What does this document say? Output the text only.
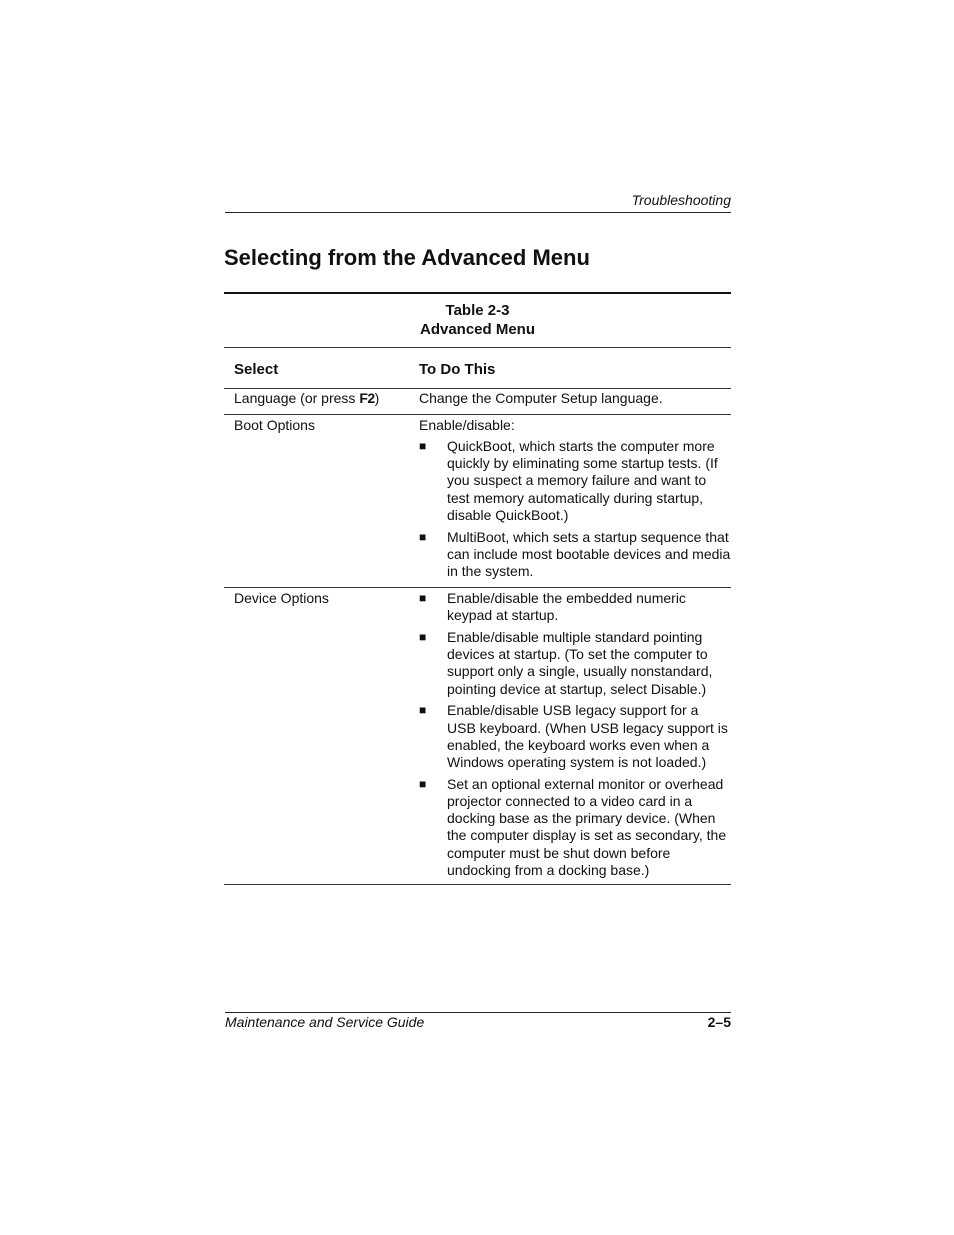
Troubleshooting
Selecting from the Advanced Menu
Table 2-3
Advanced Menu
Select	To Do This
Language (or press F2)	Change the Computer Setup language.
Boot Options	Enable/disable:
■ QuickBoot, which starts the computer more quickly by eliminating some startup tests. (If you suspect a memory failure and want to test memory automatically during startup, disable QuickBoot.)
■ MultiBoot, which sets a startup sequence that can include most bootable devices and media in the system.
Device Options	■ Enable/disable the embedded numeric keypad at startup.
■ Enable/disable multiple standard pointing devices at startup. (To set the computer to support only a single, usually nonstandard, pointing device at startup, select Disable.)
■ Enable/disable USB legacy support for a USB keyboard. (When USB legacy support is enabled, the keyboard works even when a Windows operating system is not loaded.)
■ Set an optional external monitor or overhead projector connected to a video card in a docking base as the primary device. (When the computer display is set as secondary, the computer must be shut down before undocking from a docking base.)
Maintenance and Service Guide	2–5
